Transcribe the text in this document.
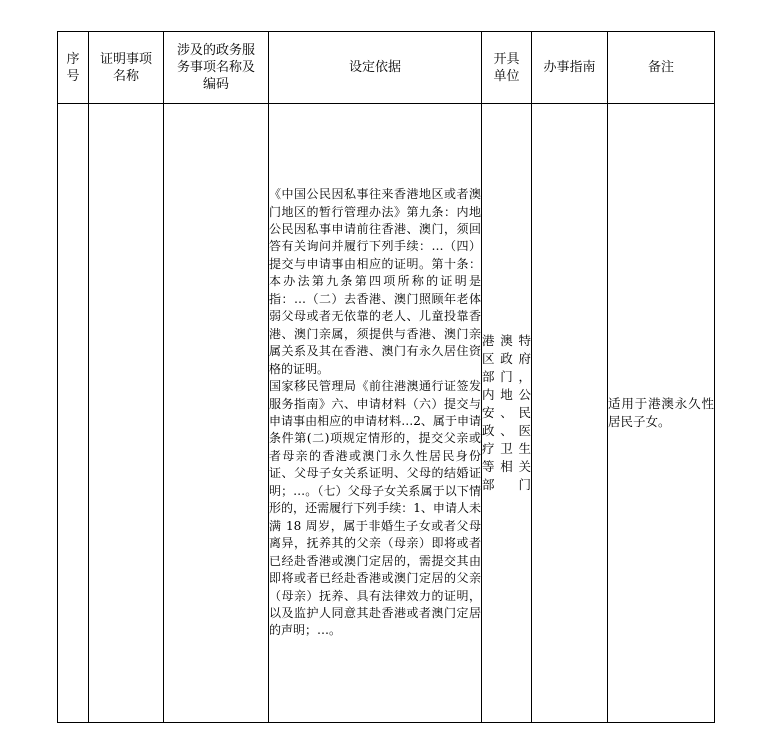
序
号	证明事项
名称	涉及的政务服
务事项名称及
编码	设定依据	开具
单位	办事指南	备注
			《中国公民因私事往来香港地区或者澳门地区的暂行管理办法》第九条：内地公民因私事申请前往香港、澳门，须回答有关询问并履行下列手续：…（四）提交与申请事由相应的证明。第十条：本办法第九条第四项所称的证明是指：…（二）去香港、澳门照顾年老体弱父母或者无依靠的老人、儿童投靠香港、澳门亲属，须提供与香港、澳门亲属关系及其在香港、澳门有永久居住资格的证明。
国家移民管理局《前往港澳通行证签发服务指南》六、申请材料（六）提交与申请事由相应的申请材料…2、属于申请条件第(二)项规定情形的，提交父亲或者母亲的香港或澳门永久性居民身份证、父母子女关系证明、父母的结婚证明；…。（七）父母子女关系属于以下情形的，还需履行下列手续：1、申请人未满 18 周岁，属于非婚生子女或者父母离异，抚养其的父亲（母亲）即将或者已经赴香港或澳门定居的，需提交其由即将或者已经赴香港或澳门定居的父亲（母亲）抚养、具有法律效力的证明，以及监护人同意其赴香港或者澳门定居的声明；…。	港澳特区政府部门，内地公安、民政、医疗卫生等相关部门		适用于港澳永久性居民子女。
